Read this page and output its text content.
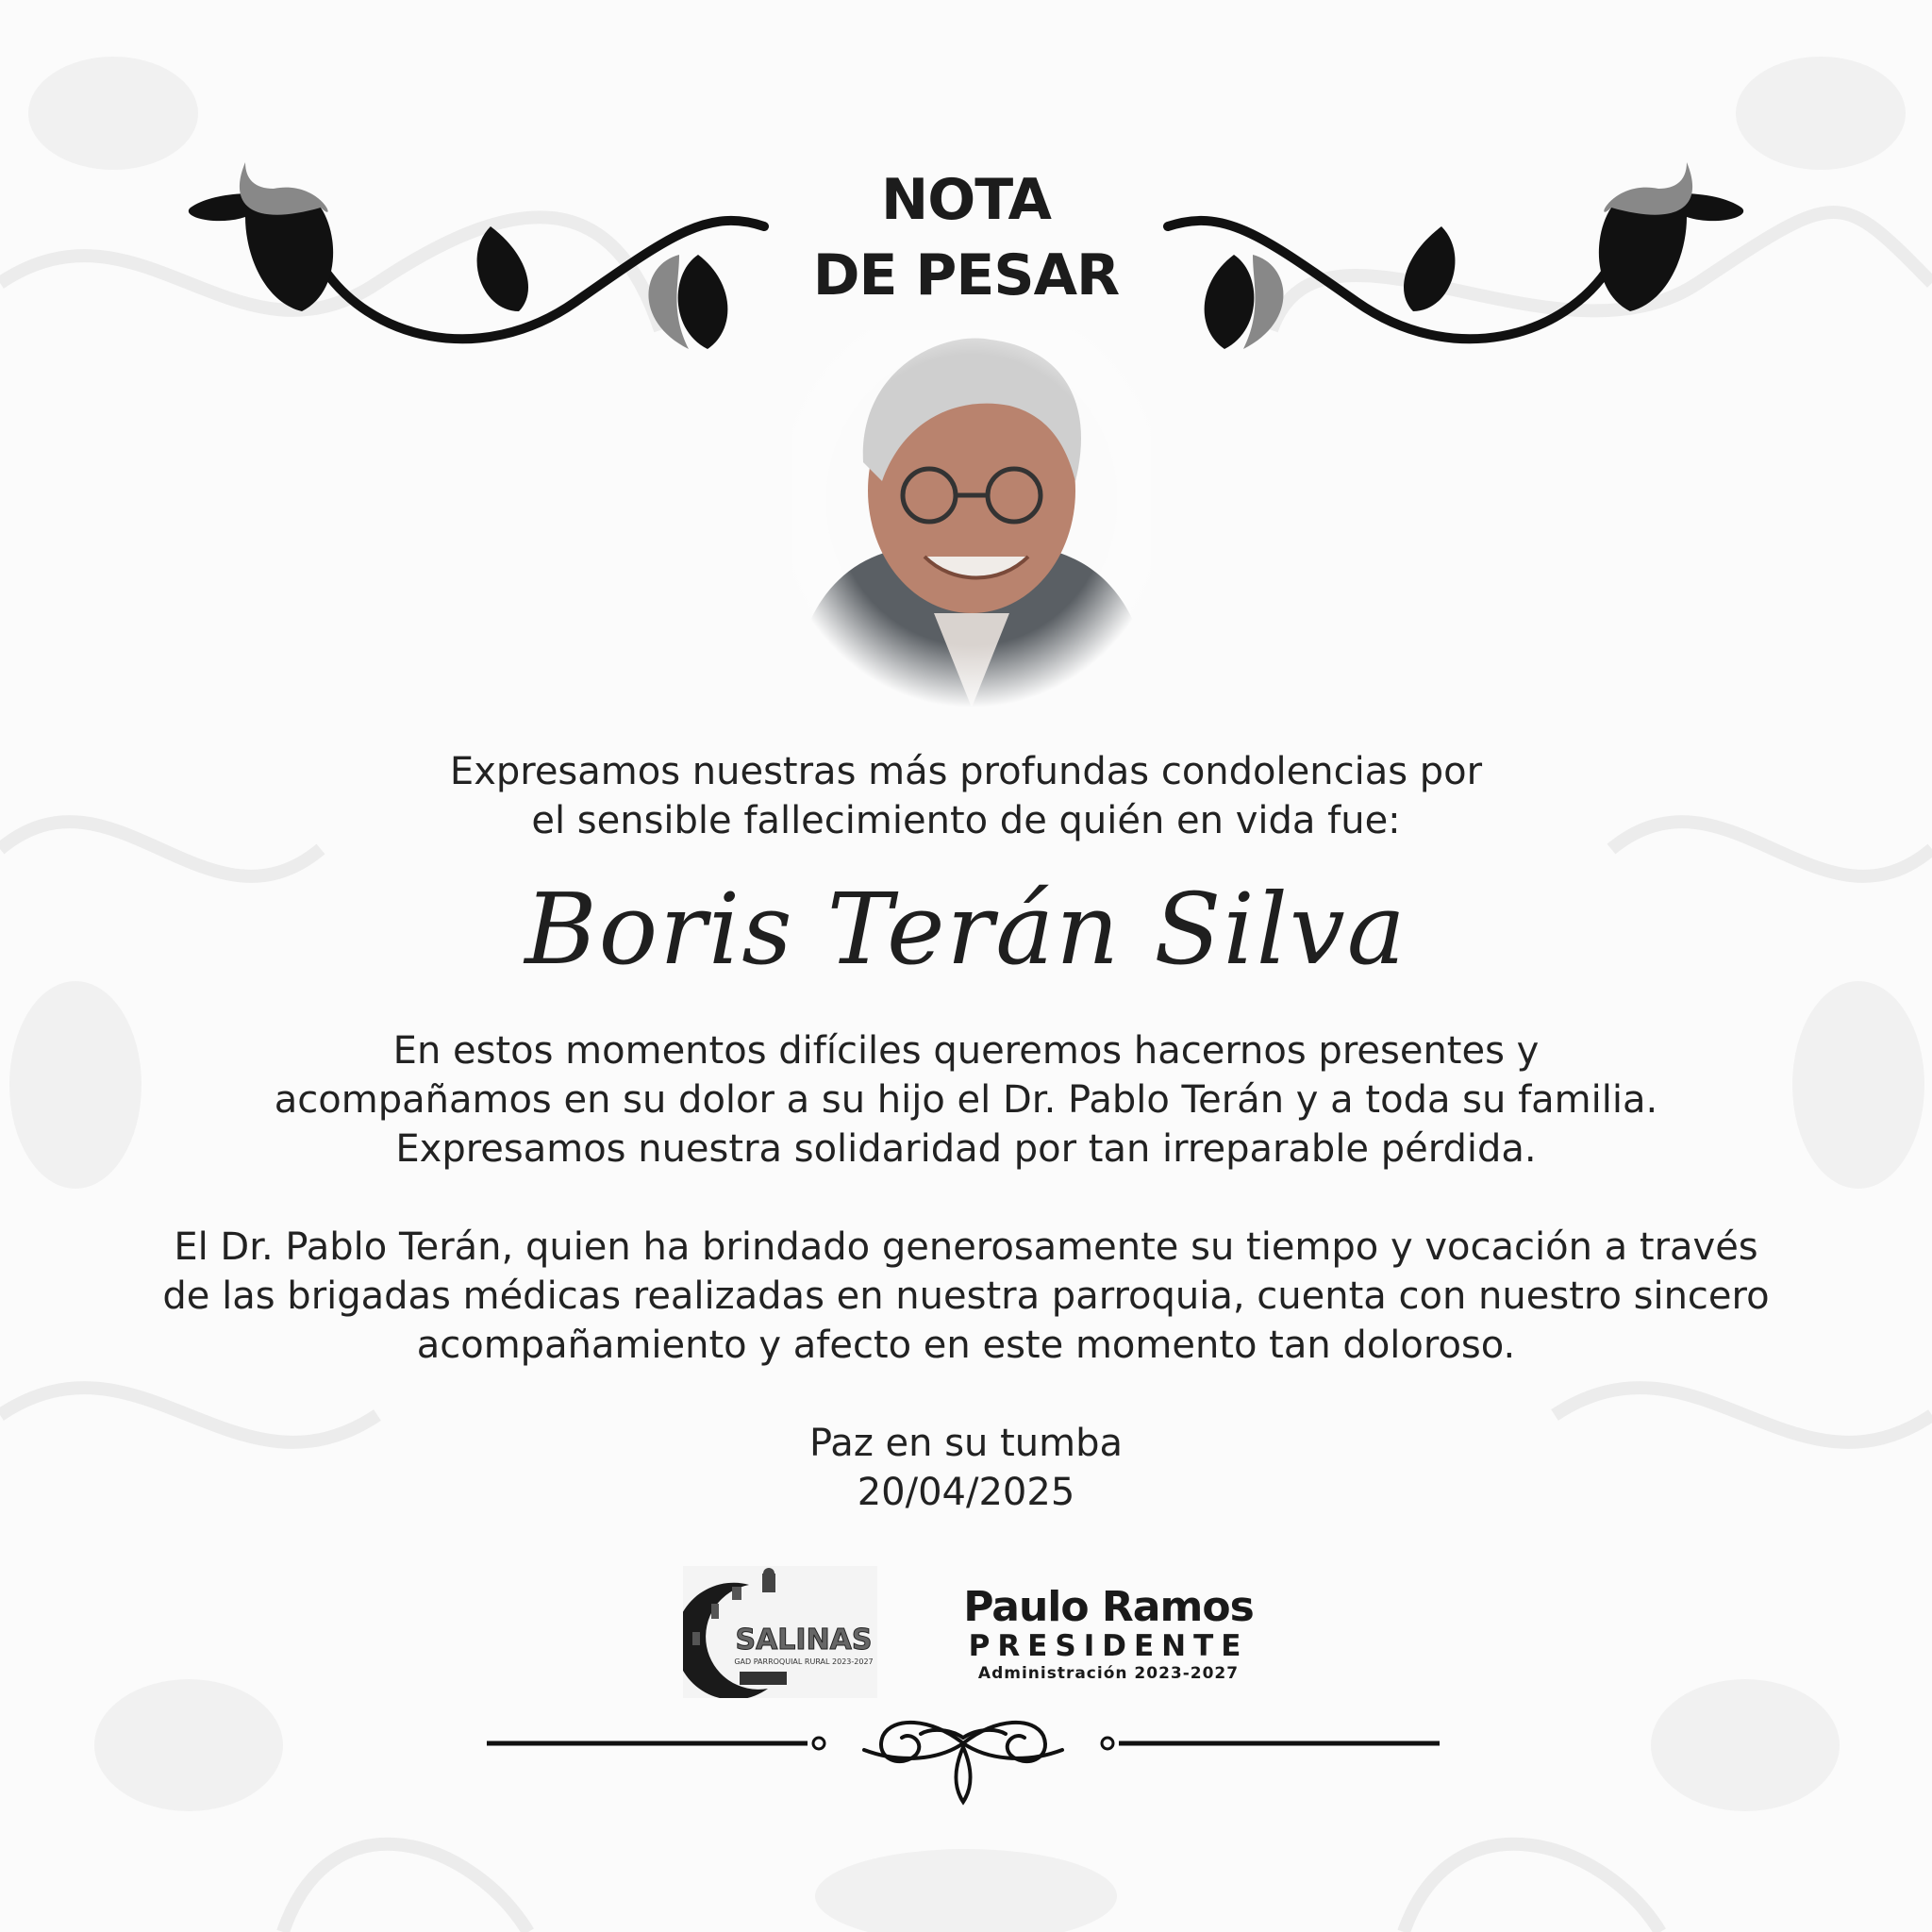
NOTA
DE PESAR
Expresamos nuestras más profundas condolencias por
el sensible fallecimiento de quién en vida fue:
Boris Terán Silva
En estos momentos difíciles queremos hacernos presentes y
acompañamos en su dolor a su hijo el Dr. Pablo Terán y a toda su familia.
Expresamos nuestra solidaridad por tan irreparable pérdida.
El Dr. Pablo Terán, quien ha brindado generosamente su tiempo y vocación a través
de las brigadas médicas realizadas en nuestra parroquia, cuenta con nuestro sincero
acompañamiento y afecto en este momento tan doloroso.
Paz en su tumba
20/04/2025
SALINAS
GAD PARROQUIAL RURAL 2023-2027
Paulo Ramos
PRESIDENTE
Administración 2023-2027
